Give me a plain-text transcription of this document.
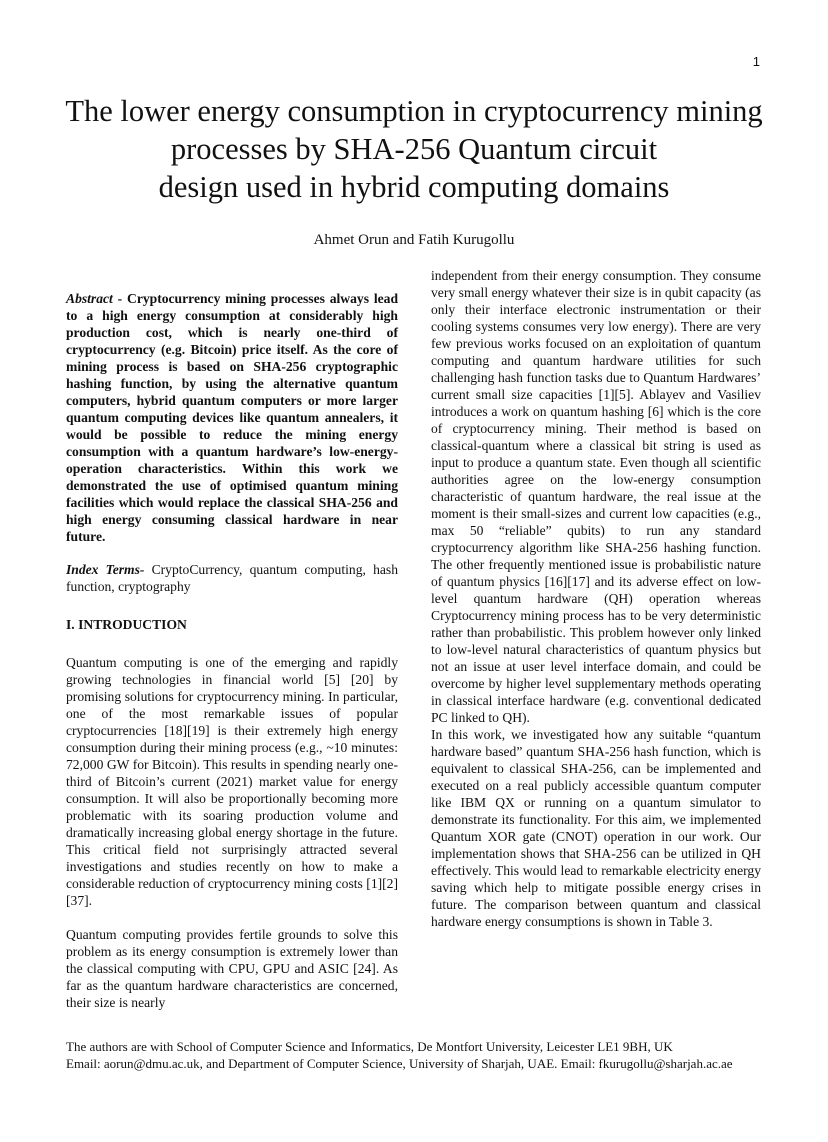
1
The lower energy consumption in cryptocurrency mining
processes by SHA-256 Quantum circuit
design used in hybrid computing domains
Ahmet Orun and Fatih Kurugollu
Abstract - Cryptocurrency mining processes always lead to a high energy consumption at considerably high production cost, which is nearly one-third of cryptocurrency (e.g. Bitcoin) price itself. As the core of mining process is based on SHA-256 cryptographic hashing function, by using the alternative quantum computers, hybrid quantum computers or more larger quantum computing devices like quantum annealers, it would be possible to reduce the mining energy consumption with a quantum hardware’s low-energy-operation characteristics. Within this work we demonstrated the use of optimised quantum mining facilities which would replace the classical SHA-256 and high energy consuming classical hardware in near future.
Index Terms- CryptoCurrency, quantum computing, hash function, cryptography
I. INTRODUCTION

Quantum computing is one of the emerging and rapidly growing technologies in financial world [5] [20] by promising solutions for cryptocurrency mining. In particular, one of the most remarkable issues of popular cryptocurrencies [18][19] is their extremely high energy consumption during their mining process (e.g., ~10 minutes: 72,000 GW for Bitcoin). This results in spending nearly one-third of Bitcoin’s current (2021) market value for energy consumption. It will also be proportionally becoming more problematic with its soaring production volume and dramatically increasing global energy shortage in the future. This critical field not surprisingly attracted several investigations and studies recently on how to make a considerable reduction of cryptocurrency mining costs [1][2][37].

Quantum computing provides fertile grounds to solve this problem as its energy consumption is extremely lower than the classical computing with CPU, GPU and ASIC [24]. As far as the quantum hardware characteristics are concerned, their size is nearly

independent from their energy consumption. They consume very small energy whatever their size is in qubit capacity (as only their interface electronic instrumentation or their cooling systems consumes very low energy). There are very few previous works focused on an exploitation of quantum computing and quantum hardware utilities for such challenging hash function tasks due to Quantum Hardwares’ current small size capacities [1][5]. Ablayev and Vasiliev introduces a work on quantum hashing [6] which is the core of cryptocurrency mining. Their method is based on classical-quantum where a classical bit string is used as input to produce a quantum state. Even though all scientific authorities agree on the low-energy consumption characteristic of quantum hardware, the real issue at the moment is their small-sizes and current low capacities (e.g., max 50 “reliable” qubits) to run any standard cryptocurrency algorithm like SHA-256 hashing function. The other frequently mentioned issue is probabilistic nature of quantum physics [16][17] and its adverse effect on low-level quantum hardware (QH) operation whereas Cryptocurrency mining process has to be very deterministic rather than probabilistic. This problem however only linked to low-level natural characteristics of quantum physics but not an issue at user level interface domain, and could be overcome by higher level supplementary methods operating in classical interface hardware (e.g. conventional dedicated PC linked to QH).

In this work, we investigated how any suitable “quantum hardware based” quantum SHA-256 hash function, which is equivalent to classical SHA-256, can be implemented and executed on a real publicly accessible quantum computer like IBM QX or running on a quantum simulator to demonstrate its functionality. For this aim, we implemented Quantum XOR gate (CNOT) operation in our work. Our implementation shows that SHA-256 can be utilized in QH effectively. This would lead to remarkable electricity energy saving which help to mitigate possible energy crises in future. The comparison between quantum and classical hardware energy consumptions is shown in Table 3.

The authors are with School of Computer Science and Informatics, De Montfort University, Leicester LE1 9BH, UK
Email: aorun@dmu.ac.uk, and Department of Computer Science, University of Sharjah, UAE. Email: fkurugollu@sharjah.ac.ae
